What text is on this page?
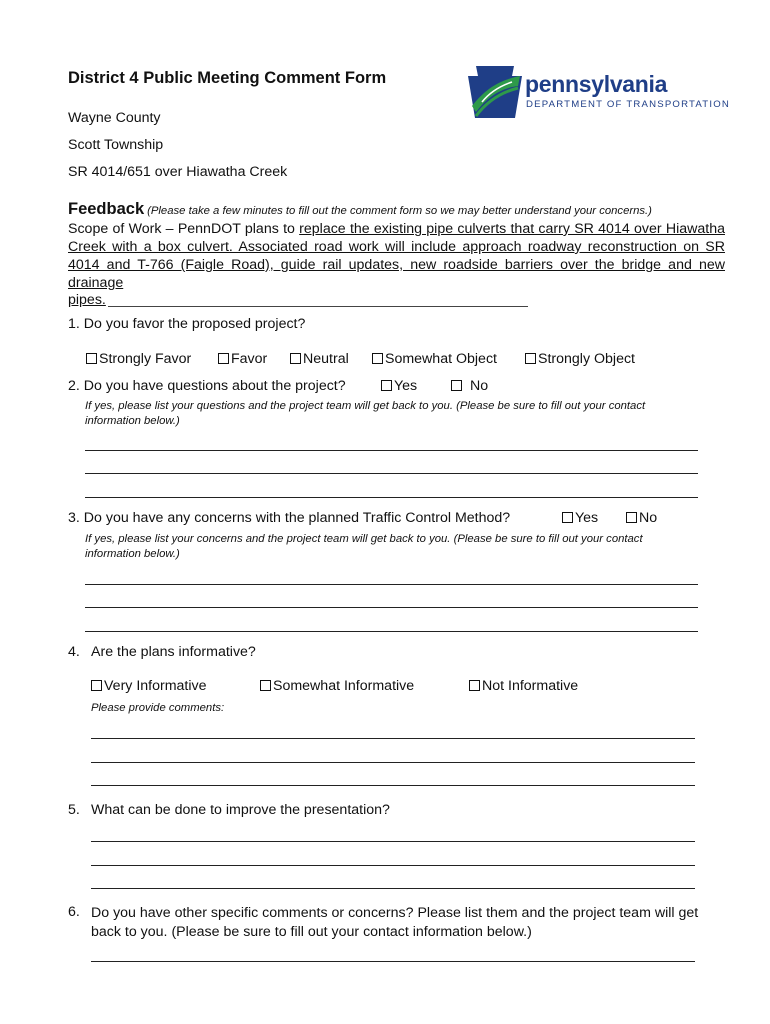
District 4 Public Meeting Comment Form
Wayne County
Scott Township
SR 4014/651 over Hiawatha Creek
pennsylvania
DEPARTMENT OF TRANSPORTATION
Feedback (Please take a few minutes to fill out the comment form so we may better understand your concerns.)
Scope of Work – PennDOT plans to replace the existing pipe culverts that carry SR 4014 over Hiawatha Creek with a box culvert. Associated road work will include approach roadway reconstruction on SR 4014 and T-766 (Faigle Road), guide rail updates, new roadside barriers over the bridge and new drainage
pipes.
1. Do you favor the proposed project?
Strongly Favor	Favor	Neutral	Somewhat Object	Strongly Object
2. Do you have questions about the project?	Yes	No
If yes, please list your questions and the project team will get back to you. (Please be sure to fill out your contact information below.)
3. Do you have any concerns with the planned Traffic Control Method?	Yes	No
If yes, please list your concerns and the project team will get back to you. (Please be sure to fill out your contact information below.)
4. Are the plans informative?
Very Informative	Somewhat Informative	Not Informative
Please provide comments:
5. What can be done to improve the presentation?
6. Do you have other specific comments or concerns? Please list them and the project team will get back to you. (Please be sure to fill out your contact information below.)
